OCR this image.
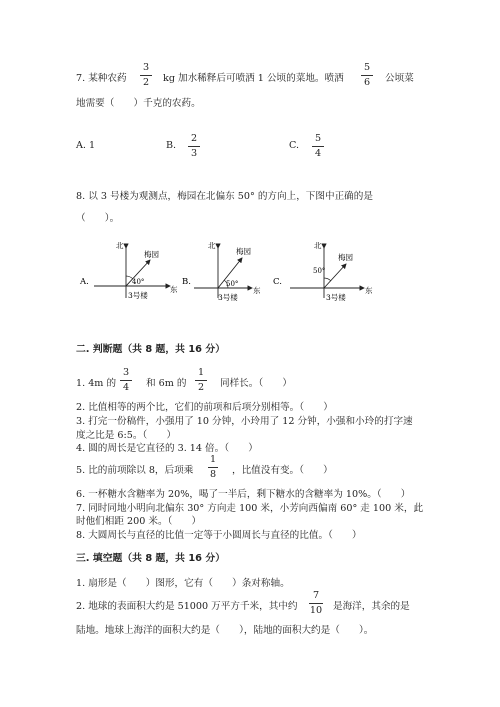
7. 某种农药
3
2	kg 加水稀释后可喷洒 1 公顷的菜地。喷洒
5
6	公顷菜
地需要（　　）千克的农药。
A. 1	B.
2
3
C.
5
4
8. 以 3 号楼为观测点，梅园在北偏东 50° 的方向上，下图中正确的是
（　　）。
A.
北
梅园
40°
东
3号楼
B.
北
梅园
50°
东
3号楼
C.
北
梅园
50°
东
3号楼
二. 判断题（共 8 题，共 16 分）
1. 4m 的
3
4	和 6m 的
1
2	同样长。（　　）
2. 比值相等的两个比，它们的前项和后项分别相等。（　　）
3. 打完一份稿件，小强用了 10 分钟，小玲用了 12 分钟，小强和小玲的打字速
度之比是 6:5。（　　）
4. 圆的周长是它直径的 3. 14 倍。（　　）
5. 比的前项除以 8，后项乘
1
8 ，比值没有变。（　　）
6. 一杯糖水含糖率为 20%，喝了一半后，剩下糖水的含糖率为 10%。（　　）
7. 同时同地小明向北偏东 30° 方向走 100 米，小芳向西偏南 60° 走 100 米，此
时他们相距 200 米。（　　）
8. 大圆周长与直径的比值一定等于小圆周长与直径的比值。（　　）
三. 填空题（共 8 题，共 16 分）
1. 扇形是（　　）图形，它有（　　）条对称轴。
2. 地球的表面积大约是 51000 万平方千米，其中约
7
10 是海洋，其余的是
陆地。地球上海洋的面积大约是（　　），陆地的面积大约是（　　）。
